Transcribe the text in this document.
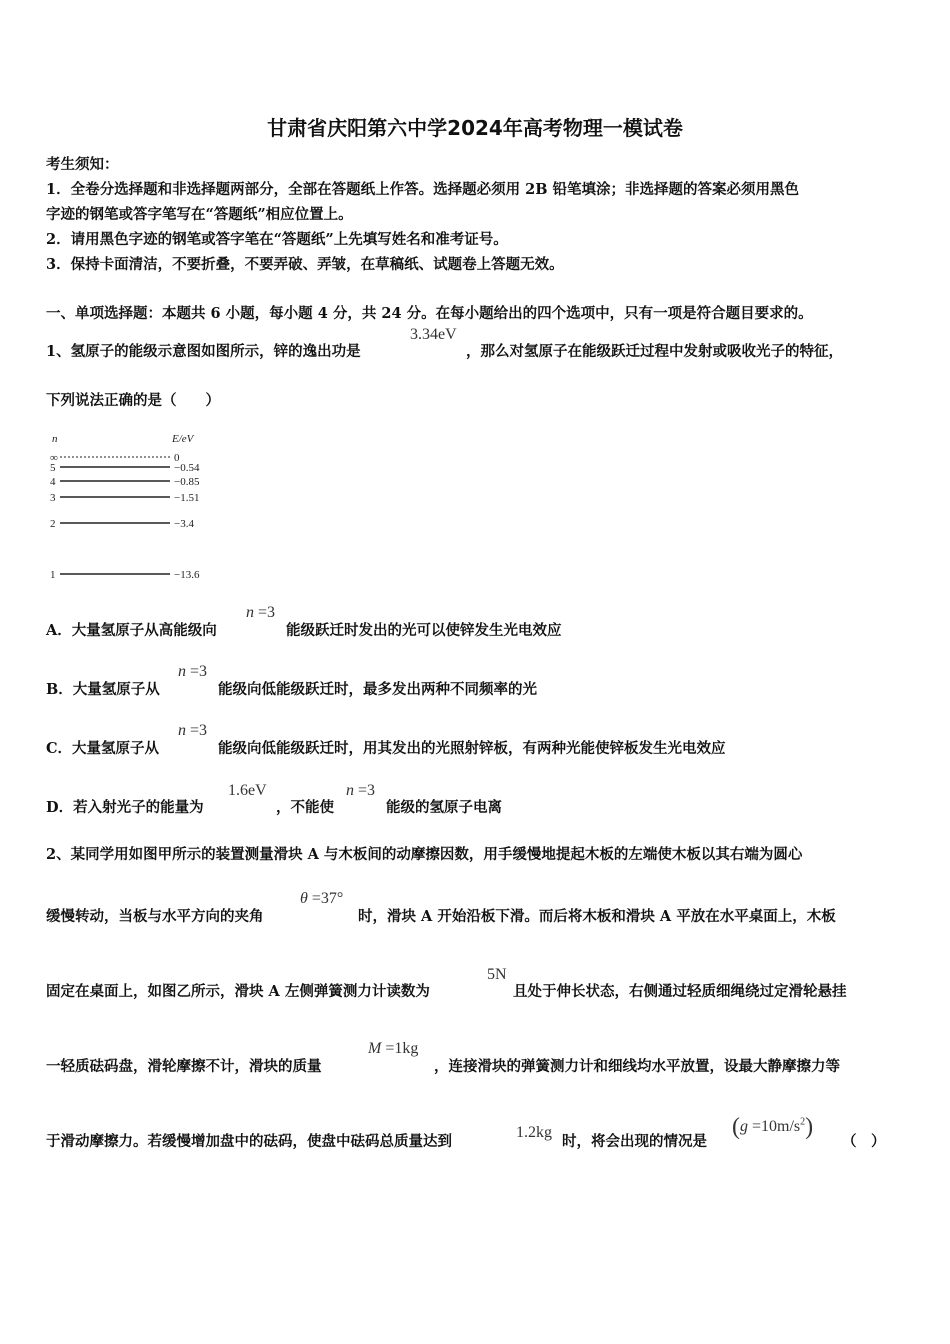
甘肃省庆阳第六中学2024年高考物理一模试卷
考生须知：
1．全卷分选择题和非选择题两部分，全部在答题纸上作答。选择题必须用 2B 铅笔填涂；非选择题的答案必须用黑色
字迹的钢笔或答字笔写在“答题纸”相应位置上。
2．请用黑色字迹的钢笔或答字笔在“答题纸”上先填写姓名和准考证号。
3．保持卡面清洁，不要折叠，不要弄破、弄皱，在草稿纸、试题卷上答题无效。
一、单项选择题：本题共 6 小题，每小题 4 分，共 24 分。在每小题给出的四个选项中，只有一项是符合题目要求的。
1、氢原子的能级示意图如图所示，锌的逸出功是
3.34eV
，那么对氢原子在能级跃迁过程中发射或吸收光子的特征，
下列说法正确的是（　　）
n	E/eV
∞	0
5	−0.54
4	−0.85
3	−1.51
2	−3.4
1	−13.6
A．大量氢原子从高能级向
n =3
能级跃迁时发出的光可以使锌发生光电效应
B．大量氢原子从
n =3
能级向低能级跃迁时，最多发出两种不同频率的光
C．大量氢原子从
n =3
能级向低能级跃迁时，用其发出的光照射锌板，有两种光能使锌板发生光电效应
D．若入射光子的能量为
1.6eV
，不能使
n =3
能级的氢原子电离
2、某同学用如图甲所示的装置测量滑块 A 与木板间的动摩擦因数，用手缓慢地提起木板的左端使木板以其右端为圆心
缓慢转动，当板与水平方向的夹角
θ =37°
时，滑块 A 开始沿板下滑。而后将木板和滑块 A 平放在水平桌面上，木板
固定在桌面上，如图乙所示，滑块 A 左侧弹簧测力计读数为
5N
且处于伸长状态，右侧通过轻质细绳绕过定滑轮悬挂
一轻质砝码盘，滑轮摩擦不计，滑块的质量
M =1kg
，连接滑块的弹簧测力计和细线均水平放置，设最大静摩擦力等
于滑动摩擦力。若缓慢增加盘中的砝码，使盘中砝码总质量达到
1.2kg
时，将会出现的情况是
$(g =10m/s^2)$
（　）
